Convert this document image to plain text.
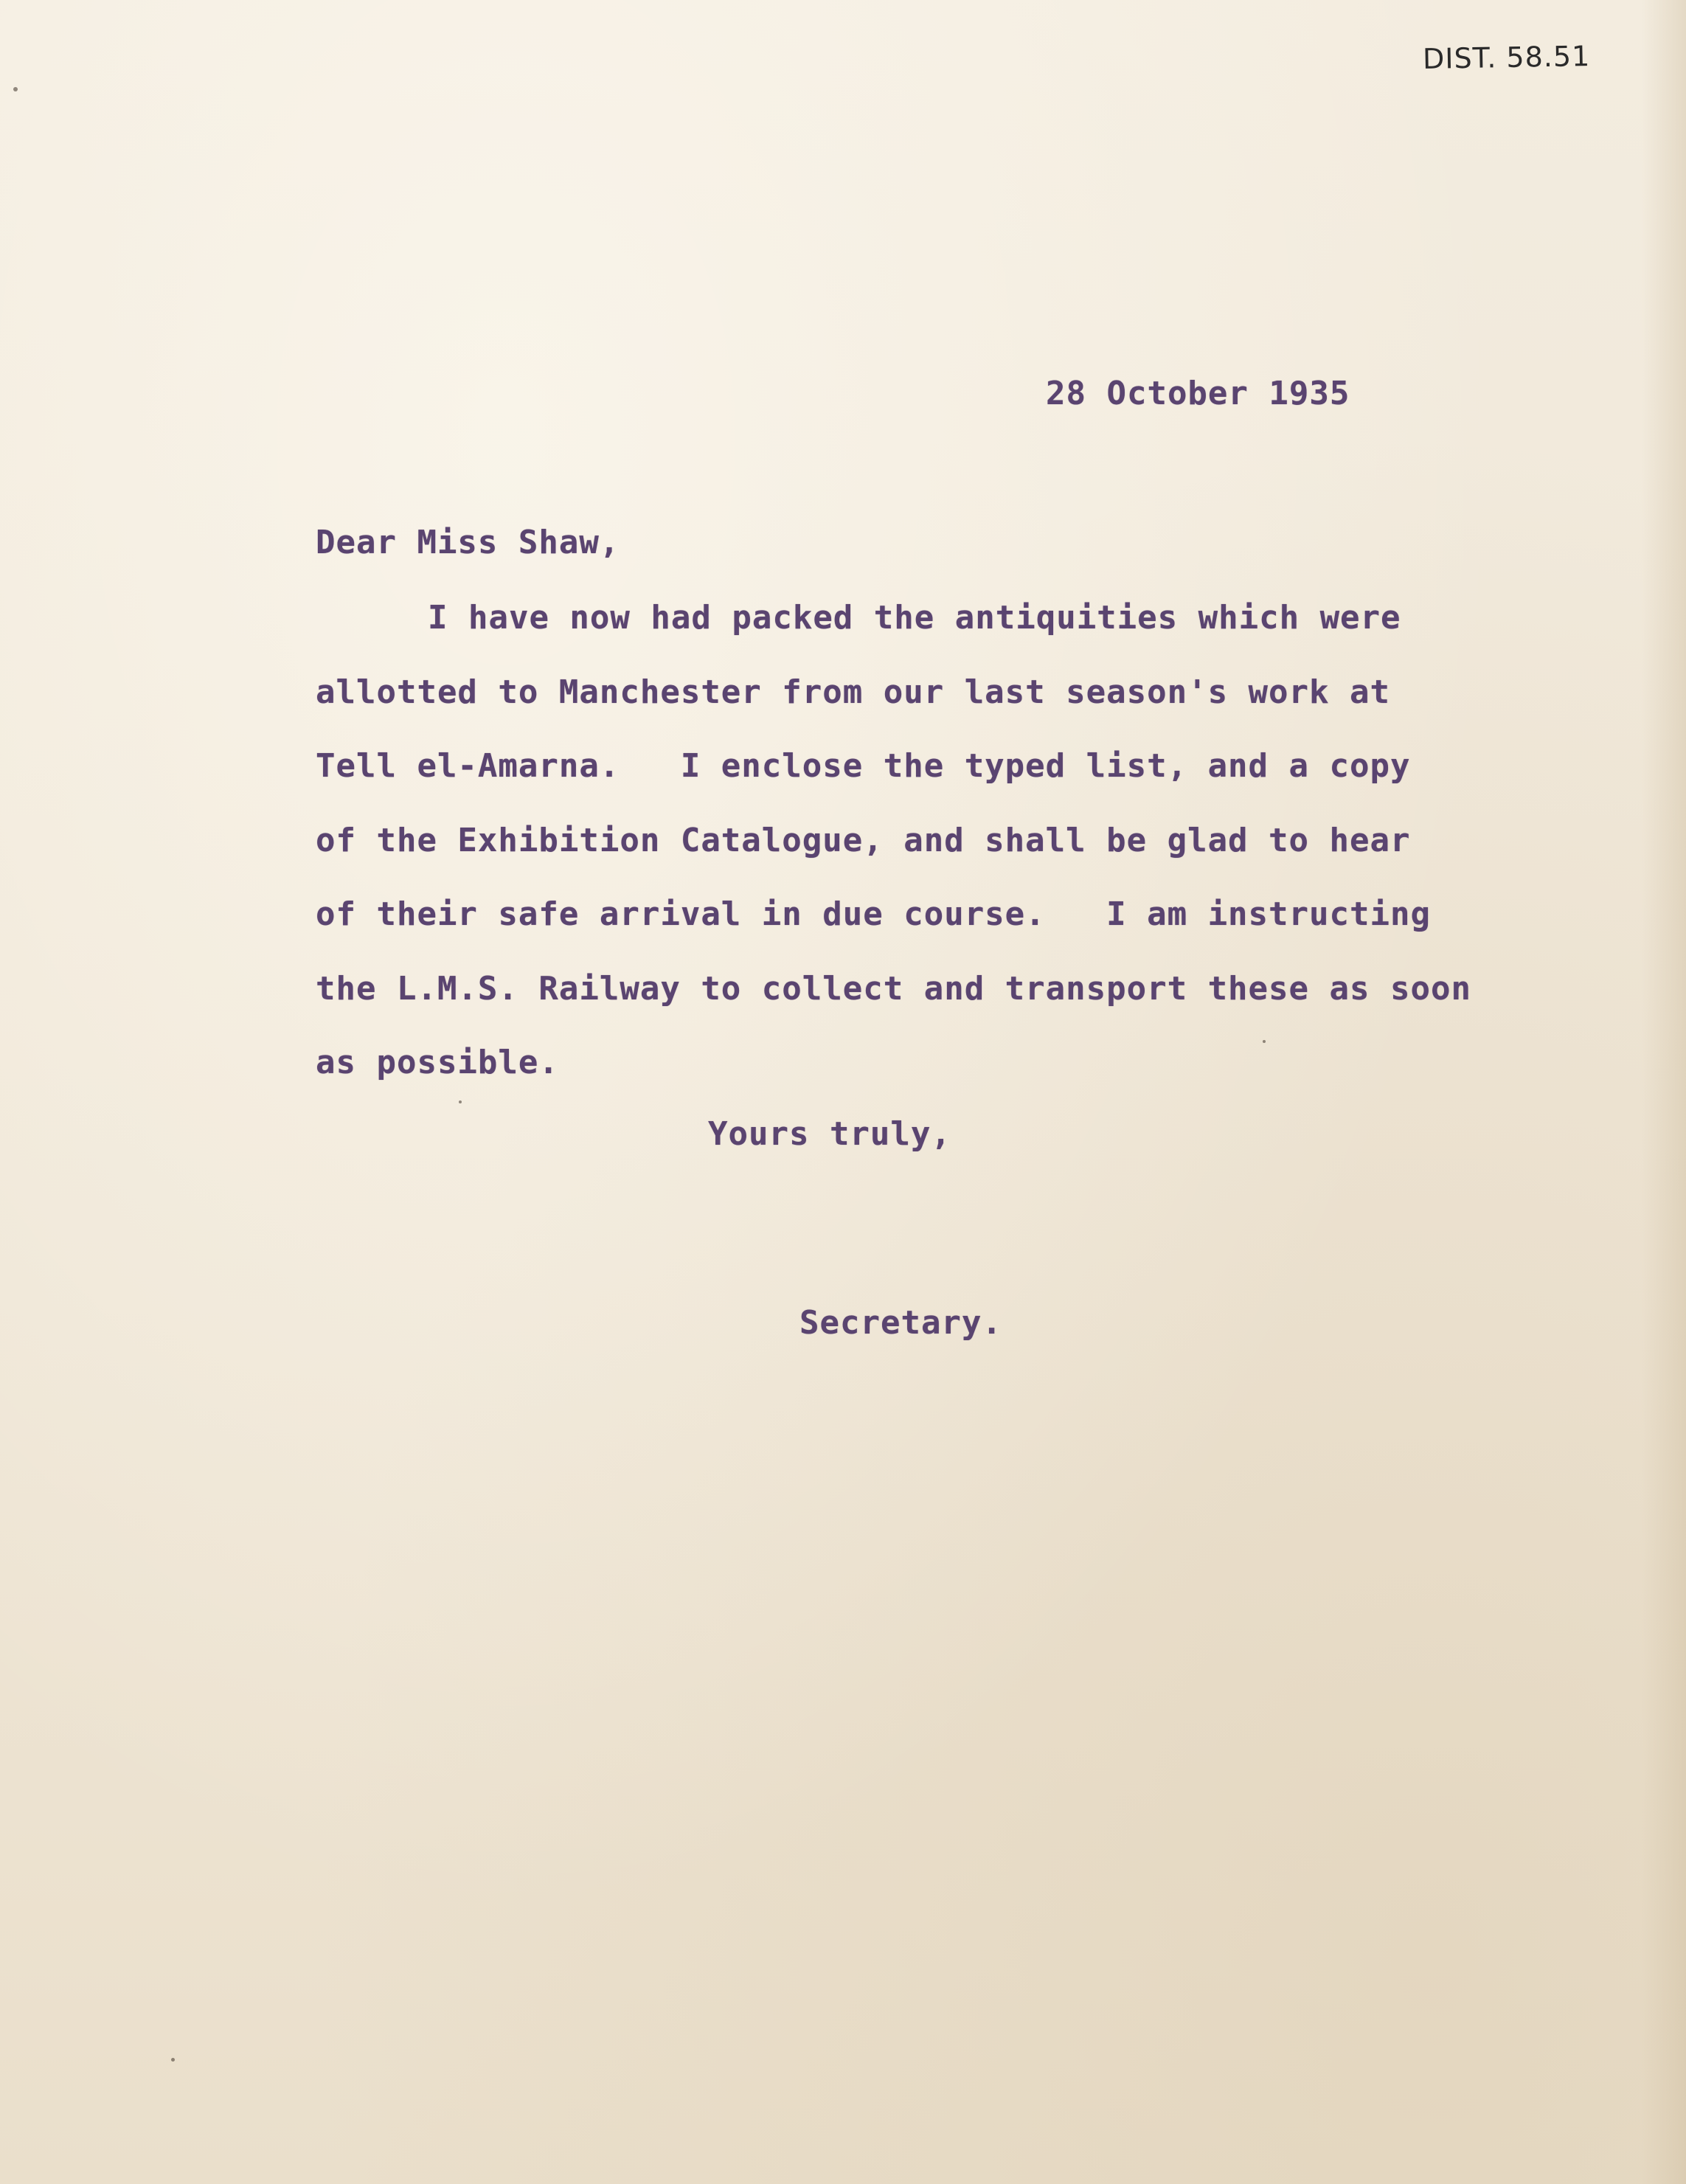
DIST. 58.51
28 October 1935
Dear Miss Shaw,
I have now had packed the antiquities which were
allotted to Manchester from our last season's work at
Tell el-Amarna.   I enclose the typed list, and a copy
of the Exhibition Catalogue, and shall be glad to hear
of their safe arrival in due course.   I am instructing
the L.M.S. Railway to collect and transport these as soon
as possible.
Yours truly,
Secretary.
